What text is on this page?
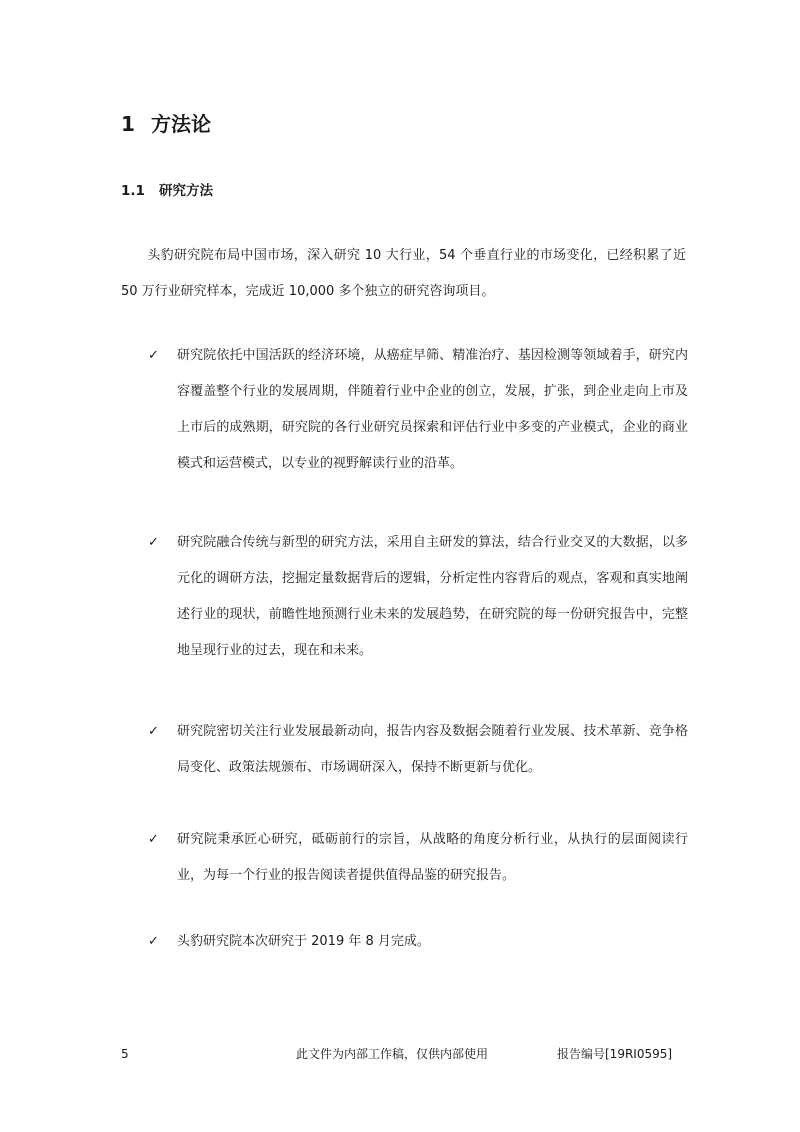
1 方法论
1.1 研究方法
头豹研究院布局中国市场，深入研究 10 大行业，54 个垂直行业的市场变化，已经积累了近 50 万行业研究样本，完成近 10,000 多个独立的研究咨询项目。
✓	研究院依托中国活跃的经济环境，从癌症早筛、精准治疗、基因检测等领域着手，研究内容覆盖整个行业的发展周期，伴随着行业中企业的创立，发展，扩张，到企业走向上市及上市后的成熟期，研究院的各行业研究员探索和评估行业中多变的产业模式，企业的商业模式和运营模式，以专业的视野解读行业的沿革。
✓	研究院融合传统与新型的研究方法，采用自主研发的算法，结合行业交叉的大数据，以多元化的调研方法，挖掘定量数据背后的逻辑，分析定性内容背后的观点，客观和真实地阐述行业的现状，前瞻性地预测行业未来的发展趋势，在研究院的每一份研究报告中，完整地呈现行业的过去，现在和未来。
✓	研究院密切关注行业发展最新动向，报告内容及数据会随着行业发展、技术革新、竞争格局变化、政策法规颁布、市场调研深入，保持不断更新与优化。
✓	研究院秉承匠心研究，砥砺前行的宗旨，从战略的角度分析行业，从执行的层面阅读行业，为每一个行业的报告阅读者提供值得品鉴的研究报告。
✓	头豹研究院本次研究于 2019 年 8 月完成。
5	此文件为内部工作稿，仅供内部使用	报告编号[19RI0595]
